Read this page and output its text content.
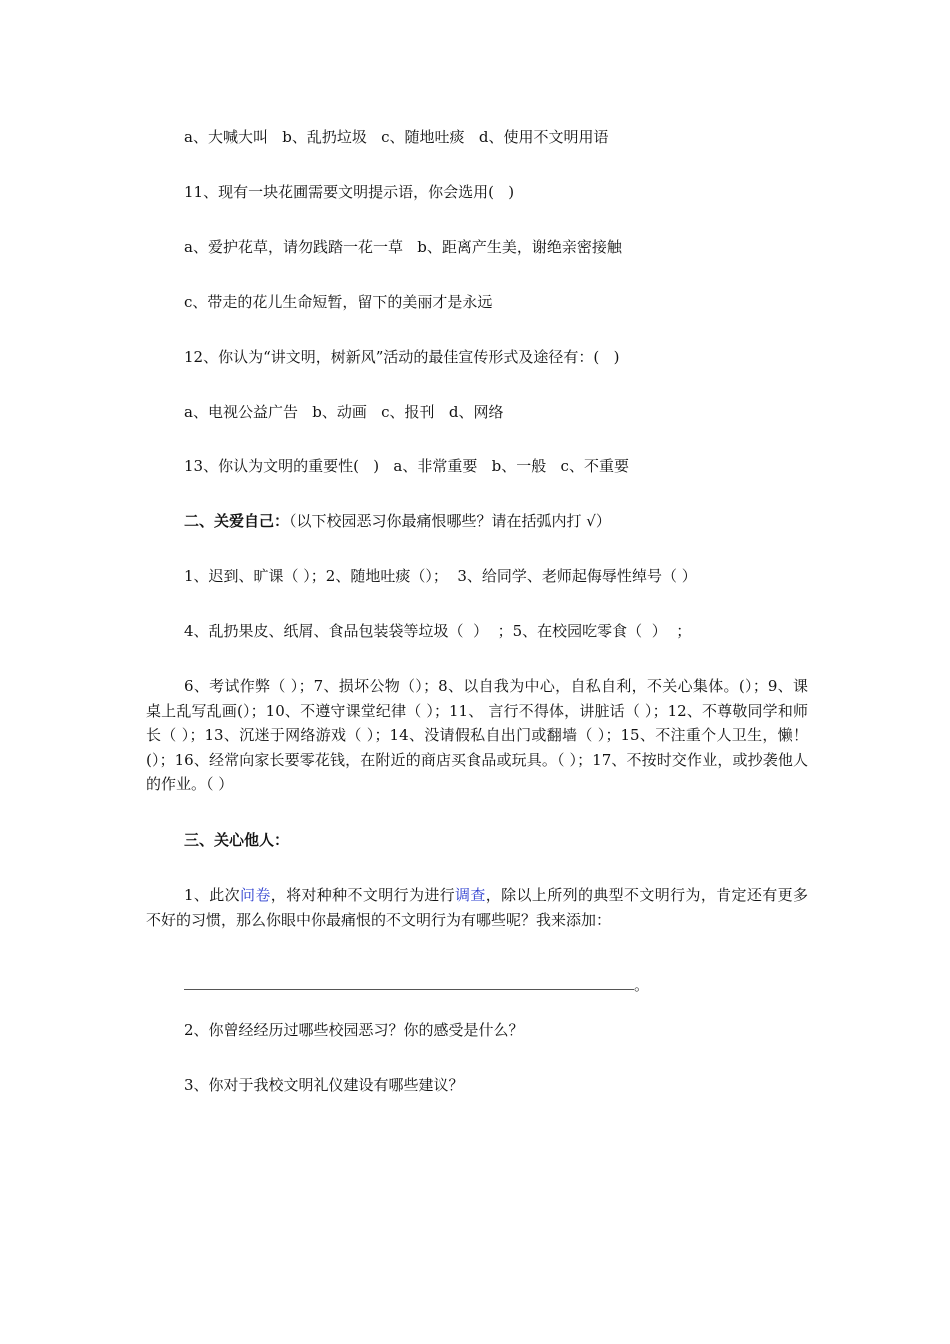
a、大喊大叫   b、乱扔垃圾   c、随地吐痰   d、使用不文明用语

11、现有一块花圃需要文明提示语，你会选用(   )

a、爱护花草，请勿践踏一花一草   b、距离产生美，谢绝亲密接触

c、带走的花儿生命短暂，留下的美丽才是永远

12、你认为“讲文明，树新风”活动的最佳宣传形式及途径有：(   )

a、电视公益广告   b、动画   c、报刊   d、网络

13、你认为文明的重要性(   )   a、非常重要   b、一般   c、不重要

二、关爱自己：（以下校园恶习你最痛恨哪些？请在括弧内打 √）

1、迟到、旷课（ ）；2、随地吐痰（）；  3、给同学、老师起侮辱性绰号（ ）

4、乱扔果皮、纸屑、食品包装袋等垃圾（  ）  ；5、在校园吃零食（  ）  ；

6、考试作弊（ ）；7、损坏公物（）；8、以自我为中心，自私自利，不关心集体。(）；9、课桌上乱写乱画(）；10、不遵守课堂纪律（ ）；11、 言行不得体，讲脏话（ ）；12、不尊敬同学和师长（ ）；13、沉迷于网络游戏（ ）；14、没请假私自出门或翻墙（ ）；15、不注重个人卫生，懒！(）；16、经常向家长要零花钱，在附近的商店买食品或玩具。（ ）；17、不按时交作业，或抄袭他人的作业。（ ）

三、关心他人：

1、此次问卷，将对种种不文明行为进行调查，除以上所列的典型不文明行为，肯定还有更多不好的习惯，那么你眼中你最痛恨的不文明行为有哪些呢？我来添加：

。

2、你曾经经历过哪些校园恶习？你的感受是什么？

3、你对于我校文明礼仪建设有哪些建议？
